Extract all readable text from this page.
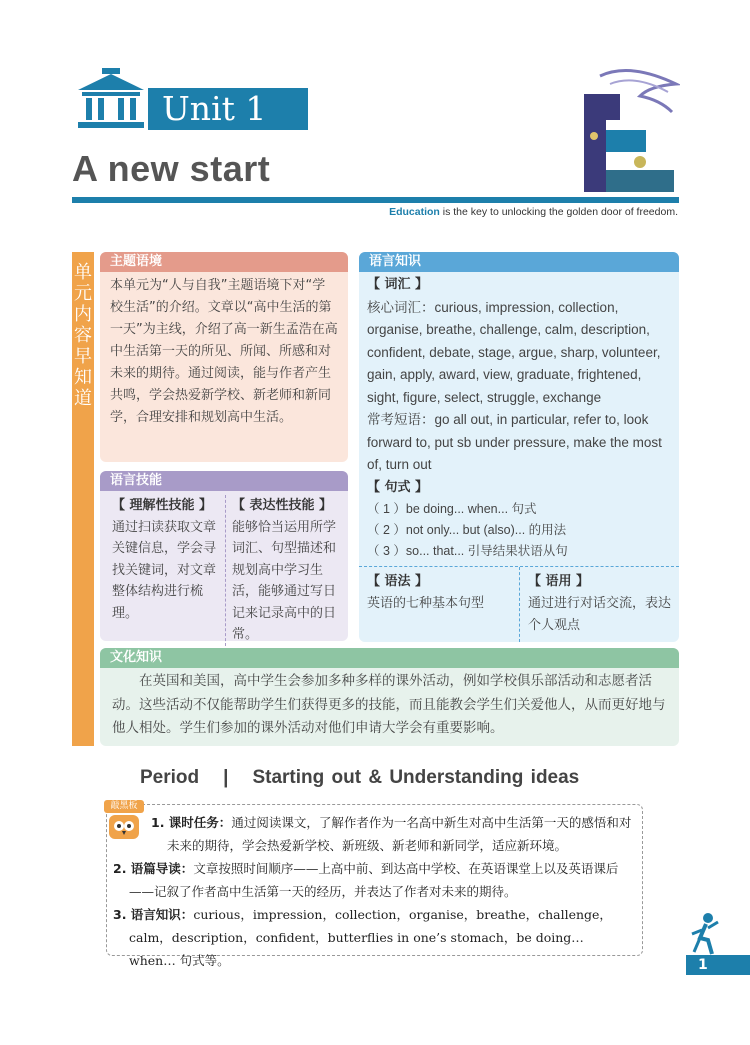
Unit 1
A new start
Education is the key to unlocking the golden door of freedom.
单元内容早知道
主题语境
本单元为“人与自我”主题语境下对“学校生活”的介绍。文章以“高中生活的第一天”为主线，介绍了高一新生孟浩在高中生活第一天的所见、所闻、所感和对未来的期待。通过阅读，能与作者产生共鸣，学会热爱新学校、新老师和新同学，合理安排和规划高中生活。
语言技能
【 理解性技能 】
通过扫读获取文章关键信息，学会寻找关键词，对文章整体结构进行梳理。
【 表达性技能 】
能够恰当运用所学词汇、句型描述和规划高中学习生活，能够通过写日记来记录高中的日常。
语言知识
【 词汇 】
核心词汇：curious, impression, collection, organise, breathe, challenge, calm, description, confident, debate, stage, argue, sharp, volunteer, gain, apply, award, view, graduate, frightened, sight, figure, select, struggle, exchange
常考短语：go all out, in particular, refer to, look forward to, put sb under pressure, make the most of, turn out
【 句式 】
（ 1 ）be doing... when... 句式
（ 2 ）not only... but (also)... 的用法
（ 3 ）so... that... 引导结果状语从句
【 语法 】
英语的七种基本句型
【 语用 】
通过进行对话交流，表达个人观点
文化知识
在英国和美国，高中学生会参加多种多样的课外活动，例如学校俱乐部活动和志愿者活动。这些活动不仅能帮助学生们获得更多的技能，而且能教会学生们关爱他人，从而更好地与他人相处。学生们参加的课外活动对他们申请大学会有重要影响。
Period | Starting out & Understanding ideas
1. 课时任务：通过阅读课文，了解作者作为一名高中新生对高中生活第一天的感悟和对未来的期待，学会热爱新学校、新班级、新老师和新同学，适应新环境。
2. 语篇导读：文章按照时间顺序——上高中前、到达高中学校、在英语课堂上以及英语课后——记叙了作者高中生活第一天的经历，并表达了作者对未来的期待。
3. 语言知识：curious，impression，collection，organise，breathe，challenge，calm，description，confident，butterflies in one’s stomach，be doing… when… 句式等。
敲黑板
1
